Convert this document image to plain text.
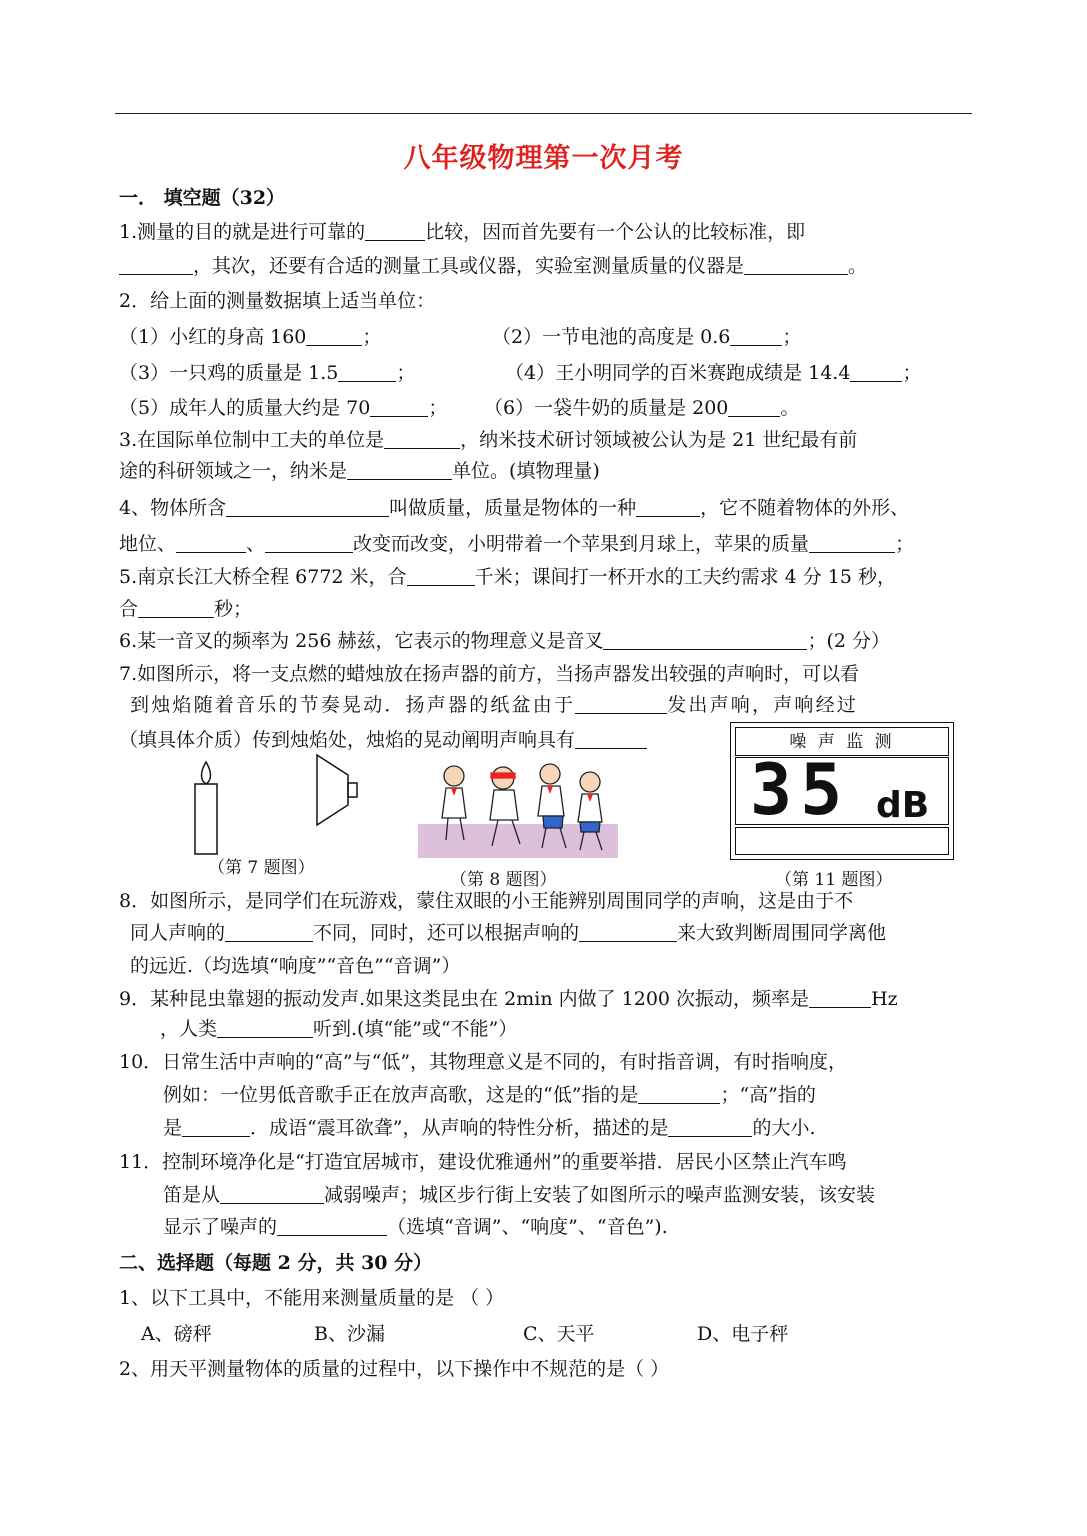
八年级物理第一次月考
一． 填空题（32）
1.测量的目的就是进行可靠的	比较，因而首先要有一个公认的比较标准，即
，其次，还要有合适的测量工具或仪器，实验室测量质量的仪器是	。
2．给上面的测量数据填上适当单位：
（1）小红的身高 160	；	（2）一节电池的高度是 0.6	；
（3）一只鸡的质量是 1.5	；	（4）王小明同学的百米赛跑成绩是 14.4	；
（5）成年人的质量大约是 70	； （6）一袋牛奶的质量是 200	。
3.在国际单位制中工夫的单位是	，纳米技术研讨领域被公认为是 21 世纪最有前
途的科研领域之一，纳米是	单位。(填物理量)
4、物体所含	叫做质量，质量是物体的一种	，它不随着物体的外形、
地位、	、	改变而改变，小明带着一个苹果到月球上，苹果的质量	；
5.南京长江大桥全程 6772 米，合	千米；课间打一杯开水的工夫约需求 4 分 15 秒，
合	秒；
6.某一音叉的频率为 256 赫兹，它表示的物理意义是音叉	；(2 分）
7.如图所示，将一支点燃的蜡烛放在扬声器的前方，当扬声器发出较强的声响时，可以看
到烛焰随着音乐的节奏晃动．扬声器的纸盆由于	发出声响，声响经过
（填具体介质）传到烛焰处，烛焰的晃动阐明声响具有
（第 7 题图）
（第 8 题图）
噪 声 监 测
35 dB
（第 11 题图）
8．如图所示，是同学们在玩游戏，蒙住双眼的小王能辨别周围同学的声响，这是由于不
同人声响的	不同，同时，还可以根据声响的	来大致判断周围同学离他
的远近.（均选填“响度”“音色”“音调”）
9．某种昆虫靠翅的振动发声.如果这类昆虫在 2min 内做了 1200 次振动，频率是	Hz
，人类	听到.(填“能”或“不能”）
10．日常生活中声响的“高”与“低”，其物理意义是不同的，有时指音调，有时指响度，
例如：一位男低音歌手正在放声高歌，这是的“低”指的是	；“高”指的
是	．成语“震耳欲聋”，从声响的特性分析，描述的是	的大小.
11．控制环境净化是“打造宜居城市，建设优雅通州”的重要举措．居民小区禁止汽车鸣
笛是从	减弱噪声；城区步行街上安装了如图所示的噪声监测安装，该安装
显示了噪声的	（选填“音调”、“响度”、“音色”).
二、选择题（每题 2 分，共 30 分）
1、以下工具中，不能用来测量质量的是 （ ）
A、磅秤	B、沙漏	C、天平	D、电子秤
2、用天平测量物体的质量的过程中，以下操作中不规范的是（ ）
